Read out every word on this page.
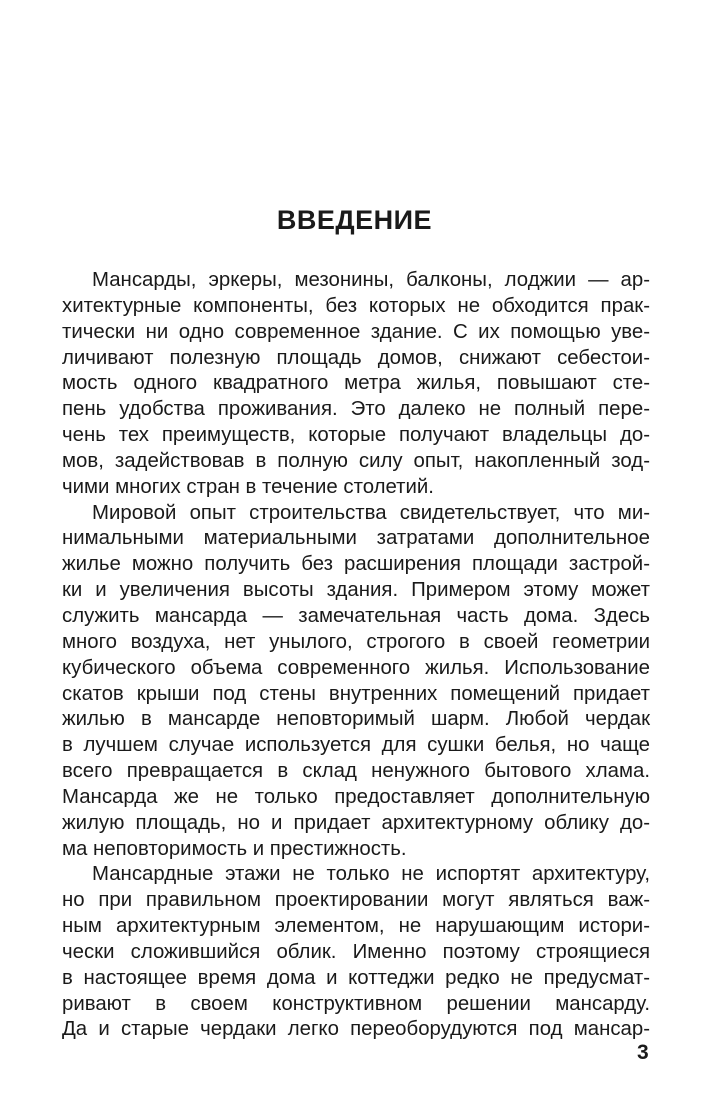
ВВЕДЕНИЕ
Мансарды, эркеры, мезонины, балконы, лоджии — ар-
хитектурные компоненты, без которых не обходится прак-
тически ни одно современное здание. С их помощью уве-
личивают полезную площадь домов, снижают себестои-
мость одного квадратного метра жилья, повышают сте-
пень удобства проживания. Это далеко не полный пере-
чень тех преимуществ, которые получают владельцы до-
мов, задействовав в полную силу опыт, накопленный зод-
чими многих стран в течение столетий.
Мировой опыт строительства свидетельствует, что ми-
нимальными материальными затратами дополнительное
жилье можно получить без расширения площади застрой-
ки и увеличения высоты здания. Примером этому может
служить мансарда — замечательная часть дома. Здесь
много воздуха, нет унылого, строгого в своей геометрии
кубического объема современного жилья. Использование
скатов крыши под стены внутренних помещений придает
жилью в мансарде неповторимый шарм. Любой чердак
в лучшем случае используется для сушки белья, но чаще
всего превращается в склад ненужного бытового хлама.
Мансарда же не только предоставляет дополнительную
жилую площадь, но и придает архитектурному облику до-
ма неповторимость и престижность.
Мансардные этажи не только не испортят архитектуру,
но при правильном проектировании могут являться важ-
ным архитектурным элементом, не нарушающим истори-
чески сложившийся облик. Именно поэтому строящиеся
в настоящее время дома и коттеджи редко не предусмат-
ривают в своем конструктивном решении мансарду.
Да и старые чердаки легко переоборудуются под мансар-
3
